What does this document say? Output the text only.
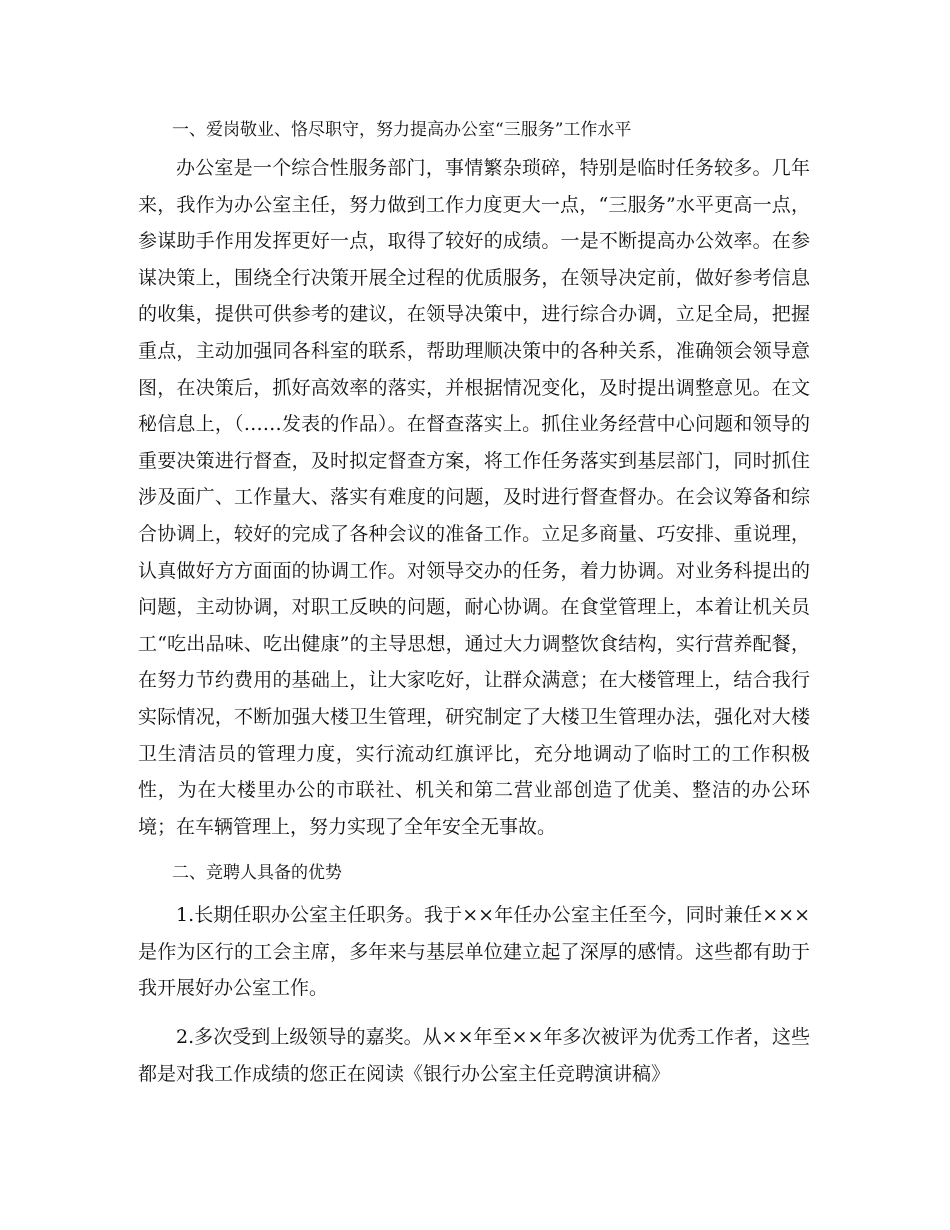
一、爱岗敬业、恪尽职守，努力提高办公室“三服务”工作水平

办公室是一个综合性服务部门，事情繁杂琐碎，特别是临时任务较多。几年来，我作为办公室主任，努力做到工作力度更大一点，“三服务”水平更高一点，参谋助手作用发挥更好一点，取得了较好的成绩。一是不断提高办公效率。在参谋决策上，围绕全行决策开展全过程的优质服务，在领导决定前，做好参考信息的收集，提供可供参考的建议，在领导决策中，进行综合办调，立足全局，把握重点，主动加强同各科室的联系，帮助理顺决策中的各种关系，准确领会领导意图，在决策后，抓好高效率的落实，并根据情况变化，及时提出调整意见。在文秘信息上，（……发表的作品）。在督查落实上。抓住业务经营中心问题和领导的重要决策进行督查，及时拟定督查方案，将工作任务落实到基层部门，同时抓住涉及面广、工作量大、落实有难度的问题，及时进行督查督办。在会议筹备和综合协调上，较好的完成了各种会议的准备工作。立足多商量、巧安排、重说理，认真做好方方面面的协调工作。对领导交办的任务，着力协调。对业务科提出的问题，主动协调，对职工反映的问题，耐心协调。在食堂管理上，本着让机关员工“吃出品味、吃出健康”的主导思想，通过大力调整饮食结构，实行营养配餐，在努力节约费用的基础上，让大家吃好，让群众满意；在大楼管理上，结合我行实际情况，不断加强大楼卫生管理，研究制定了大楼卫生管理办法，强化对大楼卫生清洁员的管理力度，实行流动红旗评比，充分地调动了临时工的工作积极性，为在大楼里办公的市联社、机关和第二营业部创造了优美、整洁的办公环境；在车辆管理上，努力实现了全年安全无事故。

二、竞聘人具备的优势

1.长期任职办公室主任职务。我于××年任办公室主任至今，同时兼任×××是作为区行的工会主席，多年来与基层单位建立起了深厚的感情。这些都有助于我开展好办公室工作。

2.多次受到上级领导的嘉奖。从××年至××年多次被评为优秀工作者，这些都是对我工作成绩的您正在阅读《银行办公室主任竞聘演讲稿》
